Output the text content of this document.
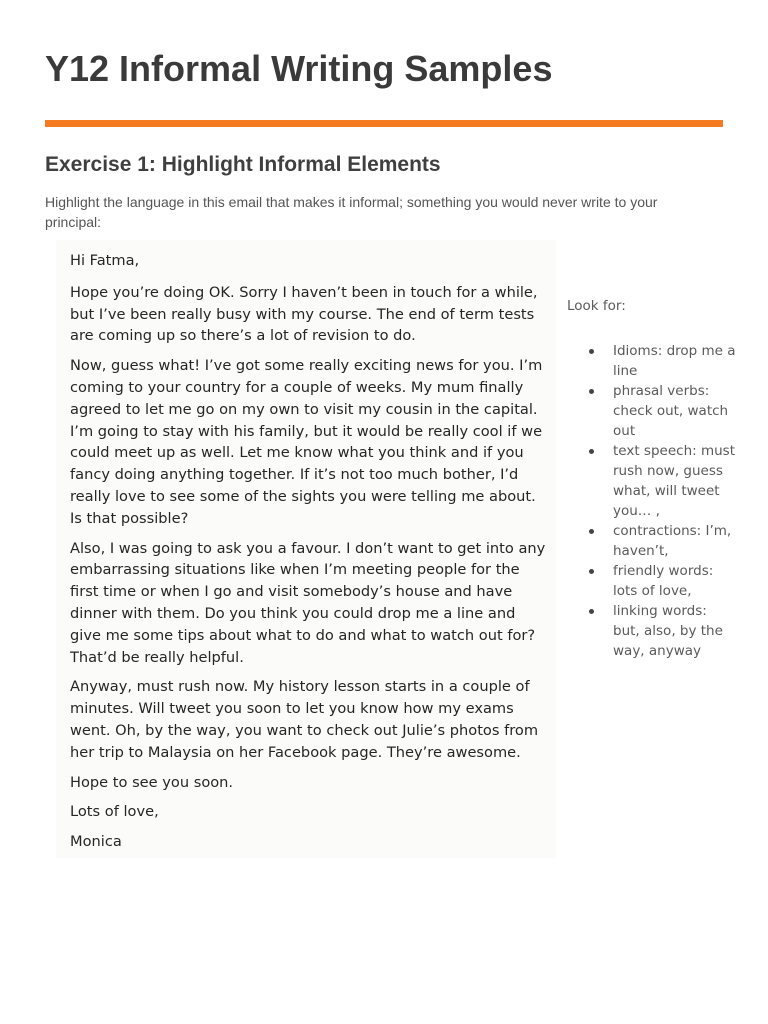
Y12 Informal Writing Samples
Exercise 1: Highlight Informal Elements

Highlight the language in this email that makes it informal; something you would never write to your principal:

Hi Fatma,

Hope you’re doing OK. Sorry I haven’t been in touch for a while, but I’ve been really busy with my course. The end of term tests are coming up so there’s a lot of revision to do.

Now, guess what! I’ve got some really exciting news for you. I’m coming to your country for a couple of weeks. My mum finally agreed to let me go on my own to visit my cousin in the capital. I’m going to stay with his family, but it would be really cool if we could meet up as well. Let me know what you think and if you fancy doing anything together. If it’s not too much bother, I’d really love to see some of the sights you were telling me about. Is that possible?

Also, I was going to ask you a favour. I don’t want to get into any embarrassing situations like when I’m meeting people for the first time or when I go and visit somebody’s house and have dinner with them. Do you think you could drop me a line and give me some tips about what to do and what to watch out for? That’d be really helpful.

Anyway, must rush now. My history lesson starts in a couple of minutes. Will tweet you soon to let you know how my exams went. Oh, by the way, you want to check out Julie’s photos from her trip to Malaysia on her Facebook page. They’re awesome.

Hope to see you soon.

Lots of love,

Monica

Look for:

Idioms: drop me a line
phrasal verbs: check out, watch out
text speech: must rush now, guess what, will tweet you… ,
contractions: I’m, haven’t,
friendly words: lots of love,
linking words: but, also, by the way, anyway
